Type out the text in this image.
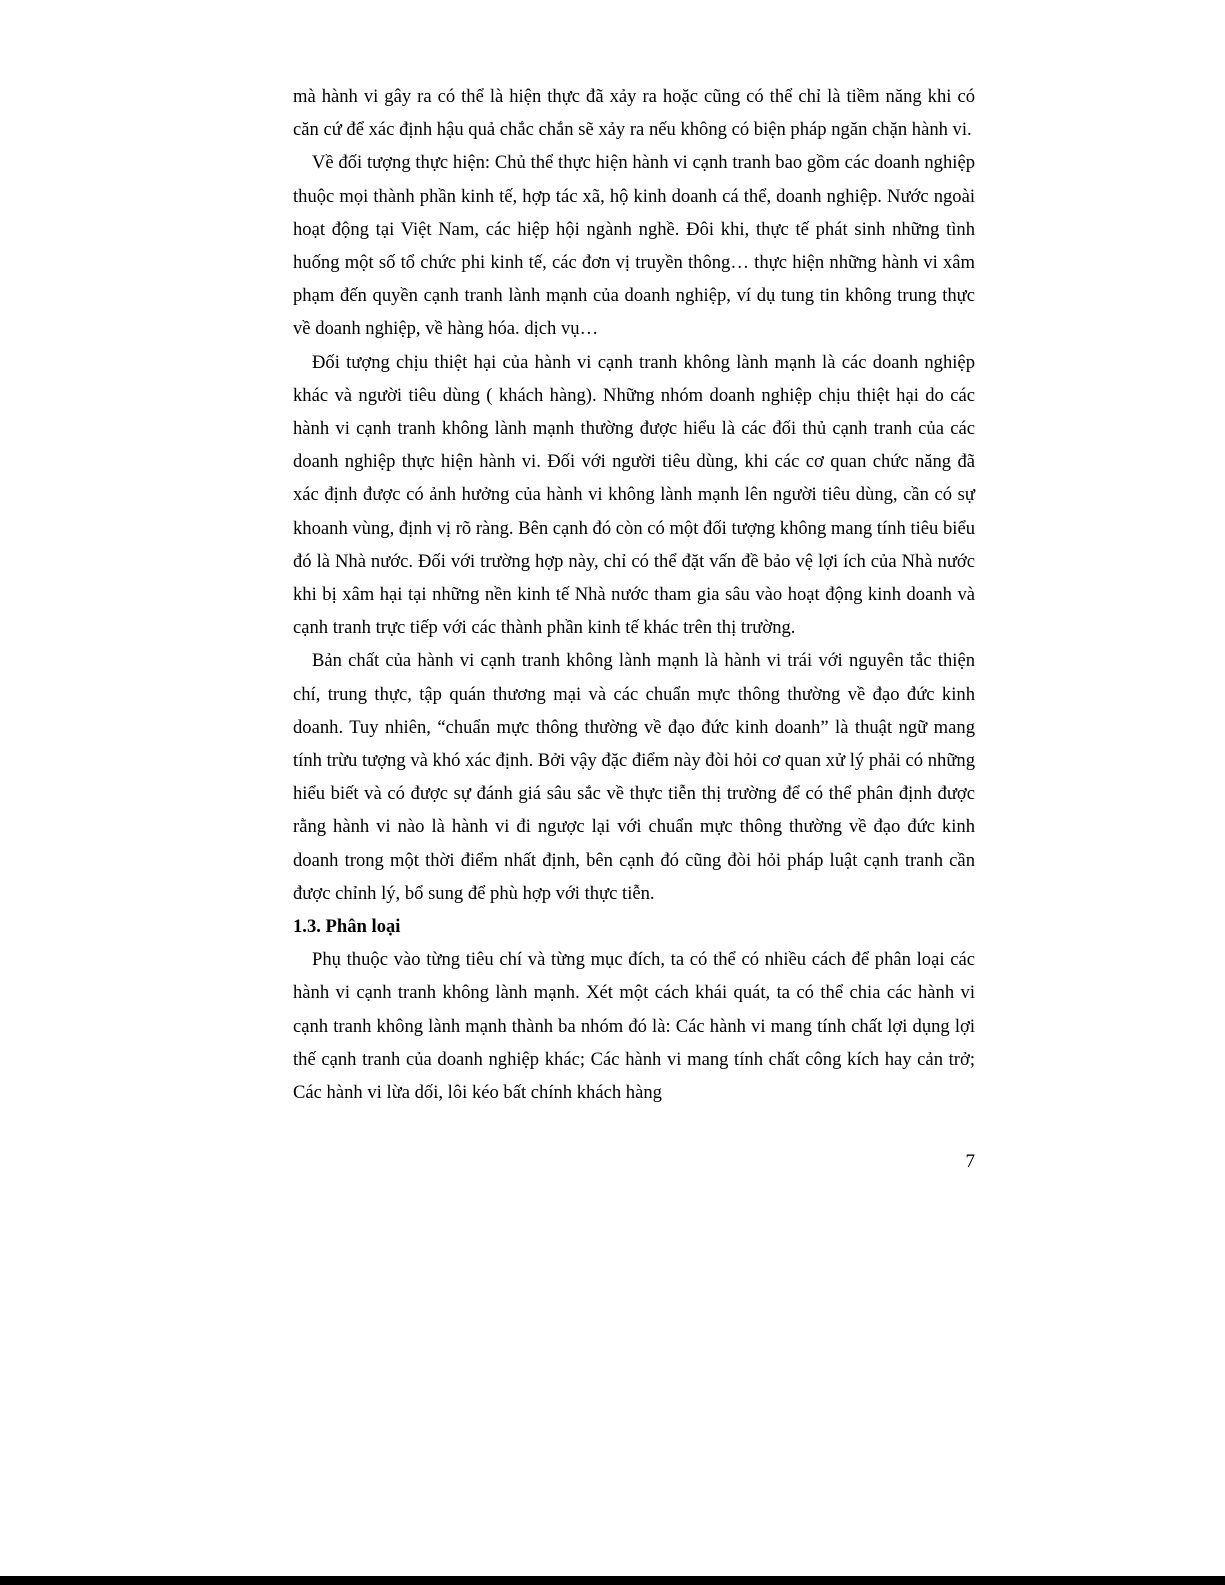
mà hành vi gây ra có thể là hiện thực đã xảy ra hoặc cũng có thể chỉ là tiềm năng khi có căn cứ để xác định hậu quả chắc chắn sẽ xảy ra nếu không có biện pháp ngăn chặn hành vi.

Về đối tượng thực hiện: Chủ thể thực hiện hành vi cạnh tranh bao gồm các doanh nghiệp thuộc mọi thành phần kinh tế, hợp tác xã, hộ kinh doanh cá thể, doanh nghiệp. Nước ngoài hoạt động tại Việt Nam, các hiệp hội ngành nghề. Đôi khi, thực tế phát sinh những tình huống một số tổ chức phi kinh tế, các đơn vị truyền thông… thực hiện những hành vi xâm phạm đến quyền cạnh tranh lành mạnh của doanh nghiệp, ví dụ tung tin không trung thực về doanh nghiệp, về hàng hóa. dịch vụ…

Đối tượng chịu thiệt hại của hành vi cạnh tranh không lành mạnh là các doanh nghiệp khác và người tiêu dùng ( khách hàng). Những nhóm doanh nghiệp chịu thiệt hại do các hành vi cạnh tranh không lành mạnh thường được hiểu là các đối thủ cạnh tranh của các doanh nghiệp thực hiện hành vi. Đối với người tiêu dùng, khi các cơ quan chức năng đã xác định được có ảnh hưởng của hành vi không lành mạnh lên người tiêu dùng, cần có sự khoanh vùng, định vị rõ ràng. Bên cạnh đó còn có một đối tượng không mang tính tiêu biểu đó là Nhà nước. Đối với trường hợp này, chỉ có thể đặt vấn đề bảo vệ lợi ích của Nhà nước khi bị xâm hại tại những nền kinh tế Nhà nước tham gia sâu vào hoạt động kinh doanh và cạnh tranh trực tiếp với các thành phần kinh tế khác trên thị trường.

Bản chất của hành vi cạnh tranh không lành mạnh là hành vi trái với nguyên tắc thiện chí, trung thực, tập quán thương mại và các chuẩn mực thông thường về đạo đức kinh doanh. Tuy nhiên, “chuẩn mực thông thường về đạo đức kinh doanh” là thuật ngữ mang tính trừu tượng và khó xác định. Bởi vậy đặc điểm này đòi hỏi cơ quan xử lý phải có những hiểu biết và có được sự đánh giá sâu sắc về thực tiễn thị trường để có thể phân định được rằng hành vi nào là hành vi đi ngược lại với chuẩn mực thông thường về đạo đức kinh doanh trong một thời điểm nhất định, bên cạnh đó cũng đòi hỏi pháp luật cạnh tranh cần được chỉnh lý, bổ sung để phù hợp với thực tiễn.

1.3. Phân loại

Phụ thuộc vào từng tiêu chí và từng mục đích, ta có thể có nhiều cách để phân loại các hành vi cạnh tranh không lành mạnh. Xét một cách khái quát, ta có thể chia các hành vi cạnh tranh không lành mạnh thành ba nhóm đó là: Các hành vi mang tính chất lợi dụng lợi thế cạnh tranh của doanh nghiệp khác; Các hành vi mang tính chất công kích hay cản trở; Các hành vi lừa dối, lôi kéo bất chính khách hàng

7
